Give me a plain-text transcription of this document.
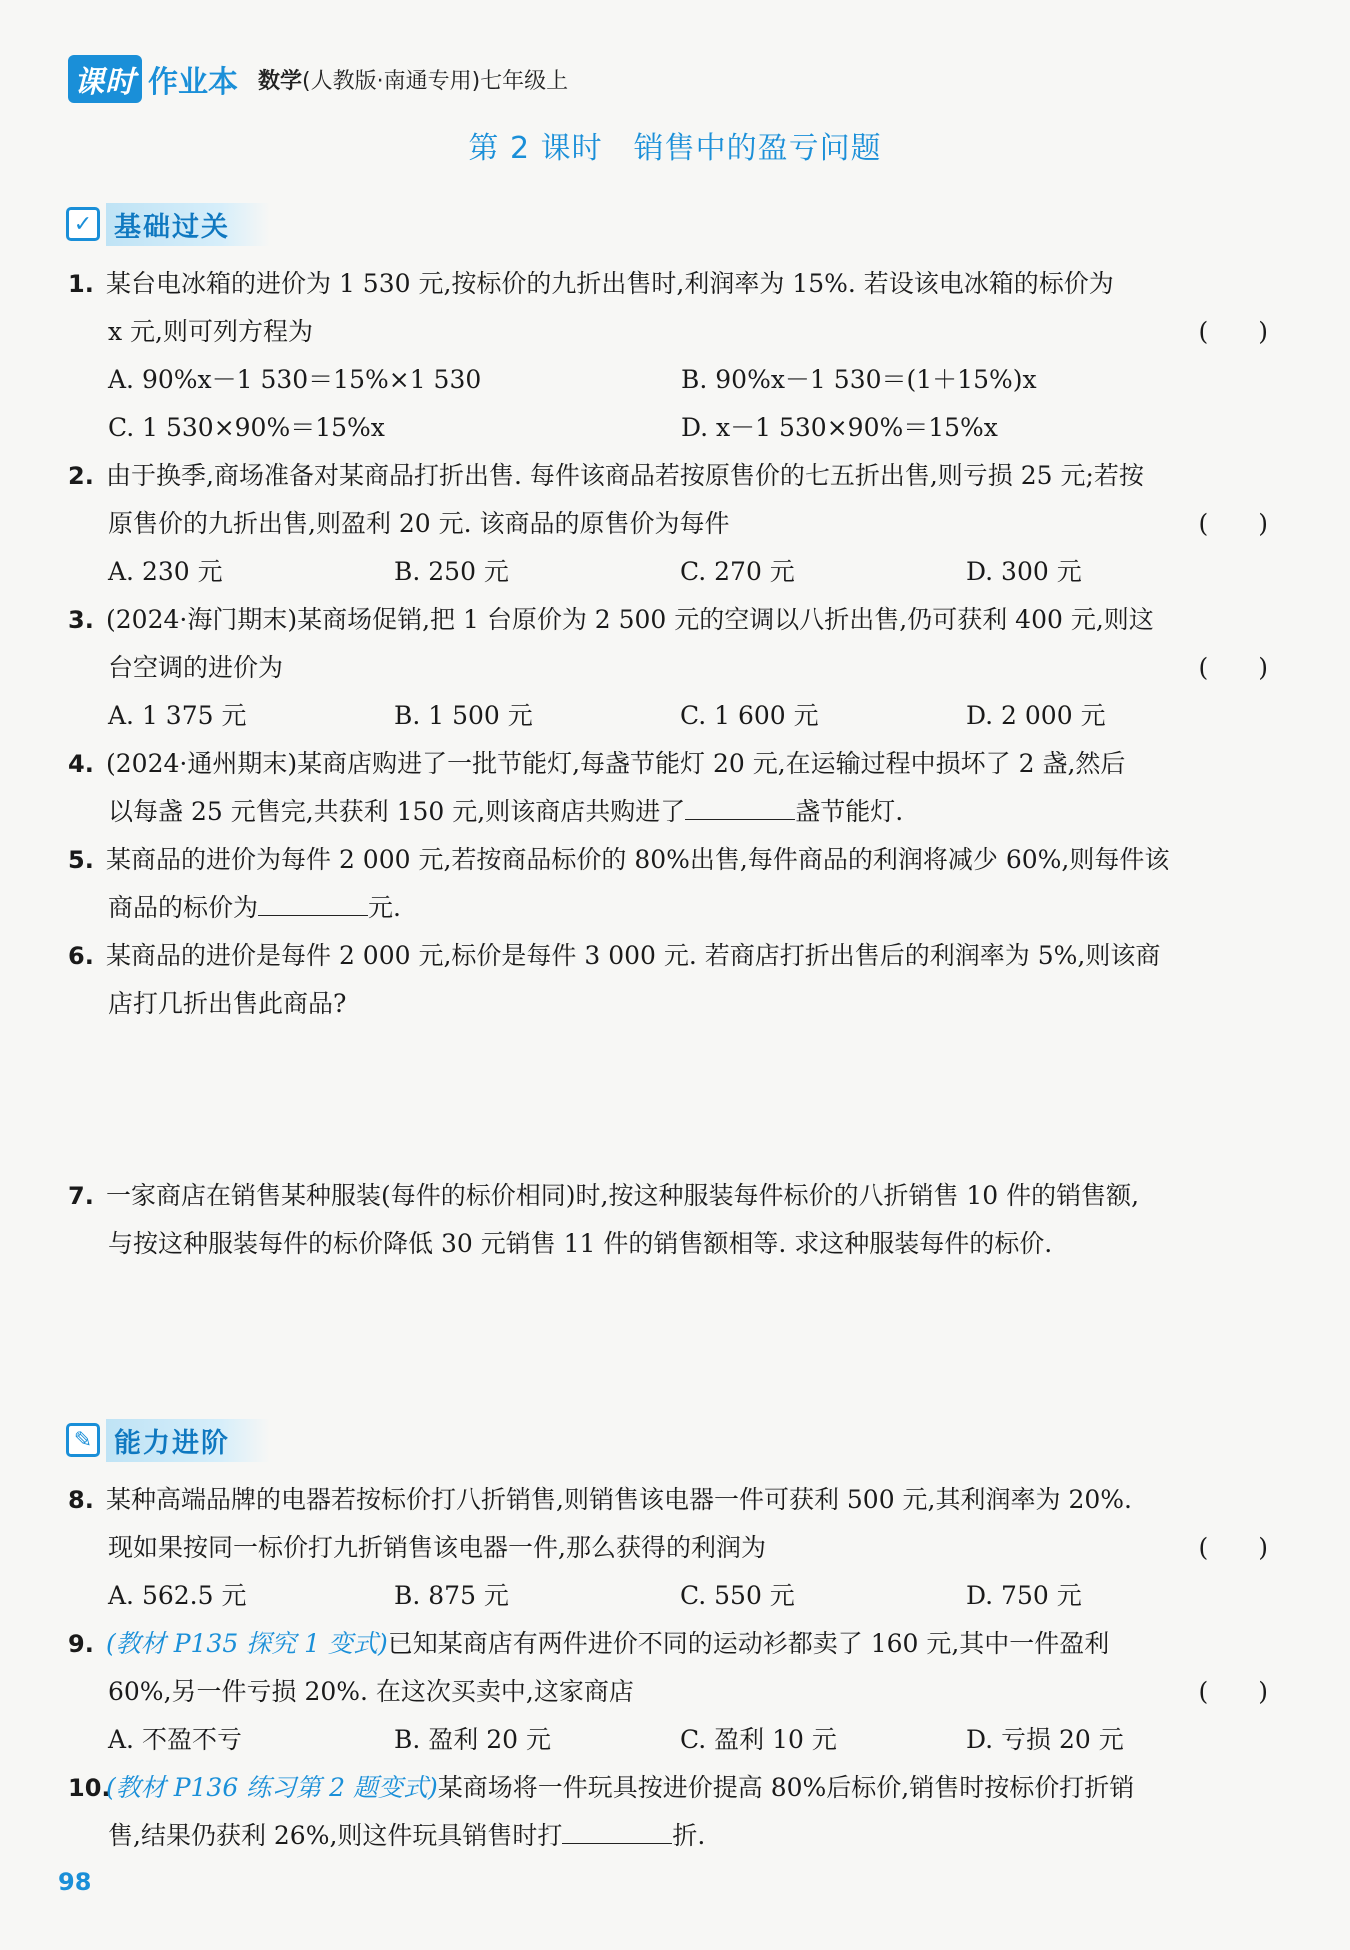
课时 作业本 数学(人教版·南通专用)七年级上
第 2 课时　销售中的盈亏问题
✓ 基础过关
1. 某台电冰箱的进价为 1 530 元,按标价的九折出售时,利润率为 15%. 若设该电冰箱的标价为
x 元,则可列方程为	(　　)
A. 90%x－1 530＝15%×1 530	B. 90%x－1 530＝(1＋15%)x
C. 1 530×90%＝15%x	D. x－1 530×90%＝15%x
2. 由于换季,商场准备对某商品打折出售. 每件该商品若按原售价的七五折出售,则亏损 25 元;若按
原售价的九折出售,则盈利 20 元. 该商品的原售价为每件	(　　)
A. 230 元	B. 250 元	C. 270 元	D. 300 元
3. (2024·海门期末)某商场促销,把 1 台原价为 2 500 元的空调以八折出售,仍可获利 400 元,则这
台空调的进价为	(　　)
A. 1 375 元	B. 1 500 元	C. 1 600 元	D. 2 000 元
4. (2024·通州期末)某商店购进了一批节能灯,每盏节能灯 20 元,在运输过程中损坏了 2 盏,然后
以每盏 25 元售完,共获利 150 元,则该商店共购进了	盏节能灯.
5. 某商品的进价为每件 2 000 元,若按商品标价的 80%出售,每件商品的利润将减少 60%,则每件该
商品的标价为	元.
6. 某商品的进价是每件 2 000 元,标价是每件 3 000 元. 若商店打折出售后的利润率为 5%,则该商
店打几折出售此商品?
7. 一家商店在销售某种服装(每件的标价相同)时,按这种服装每件标价的八折销售 10 件的销售额,
与按这种服装每件的标价降低 30 元销售 11 件的销售额相等. 求这种服装每件的标价.
✎ 能力进阶
8. 某种高端品牌的电器若按标价打八折销售,则销售该电器一件可获利 500 元,其利润率为 20%.
现如果按同一标价打九折销售该电器一件,那么获得的利润为	(　　)
A. 562.5 元	B. 875 元	C. 550 元	D. 750 元
9. (教材 P135 探究 1 变式)已知某商店有两件进价不同的运动衫都卖了 160 元,其中一件盈利
60%,另一件亏损 20%. 在这次买卖中,这家商店	(　　)
A. 不盈不亏	B. 盈利 20 元	C. 盈利 10 元	D. 亏损 20 元
10.(教材 P136 练习第 2 题变式)某商场将一件玩具按进价提高 80%后标价,销售时按标价打折销
售,结果仍获利 26%,则这件玩具销售时打	折.
98
